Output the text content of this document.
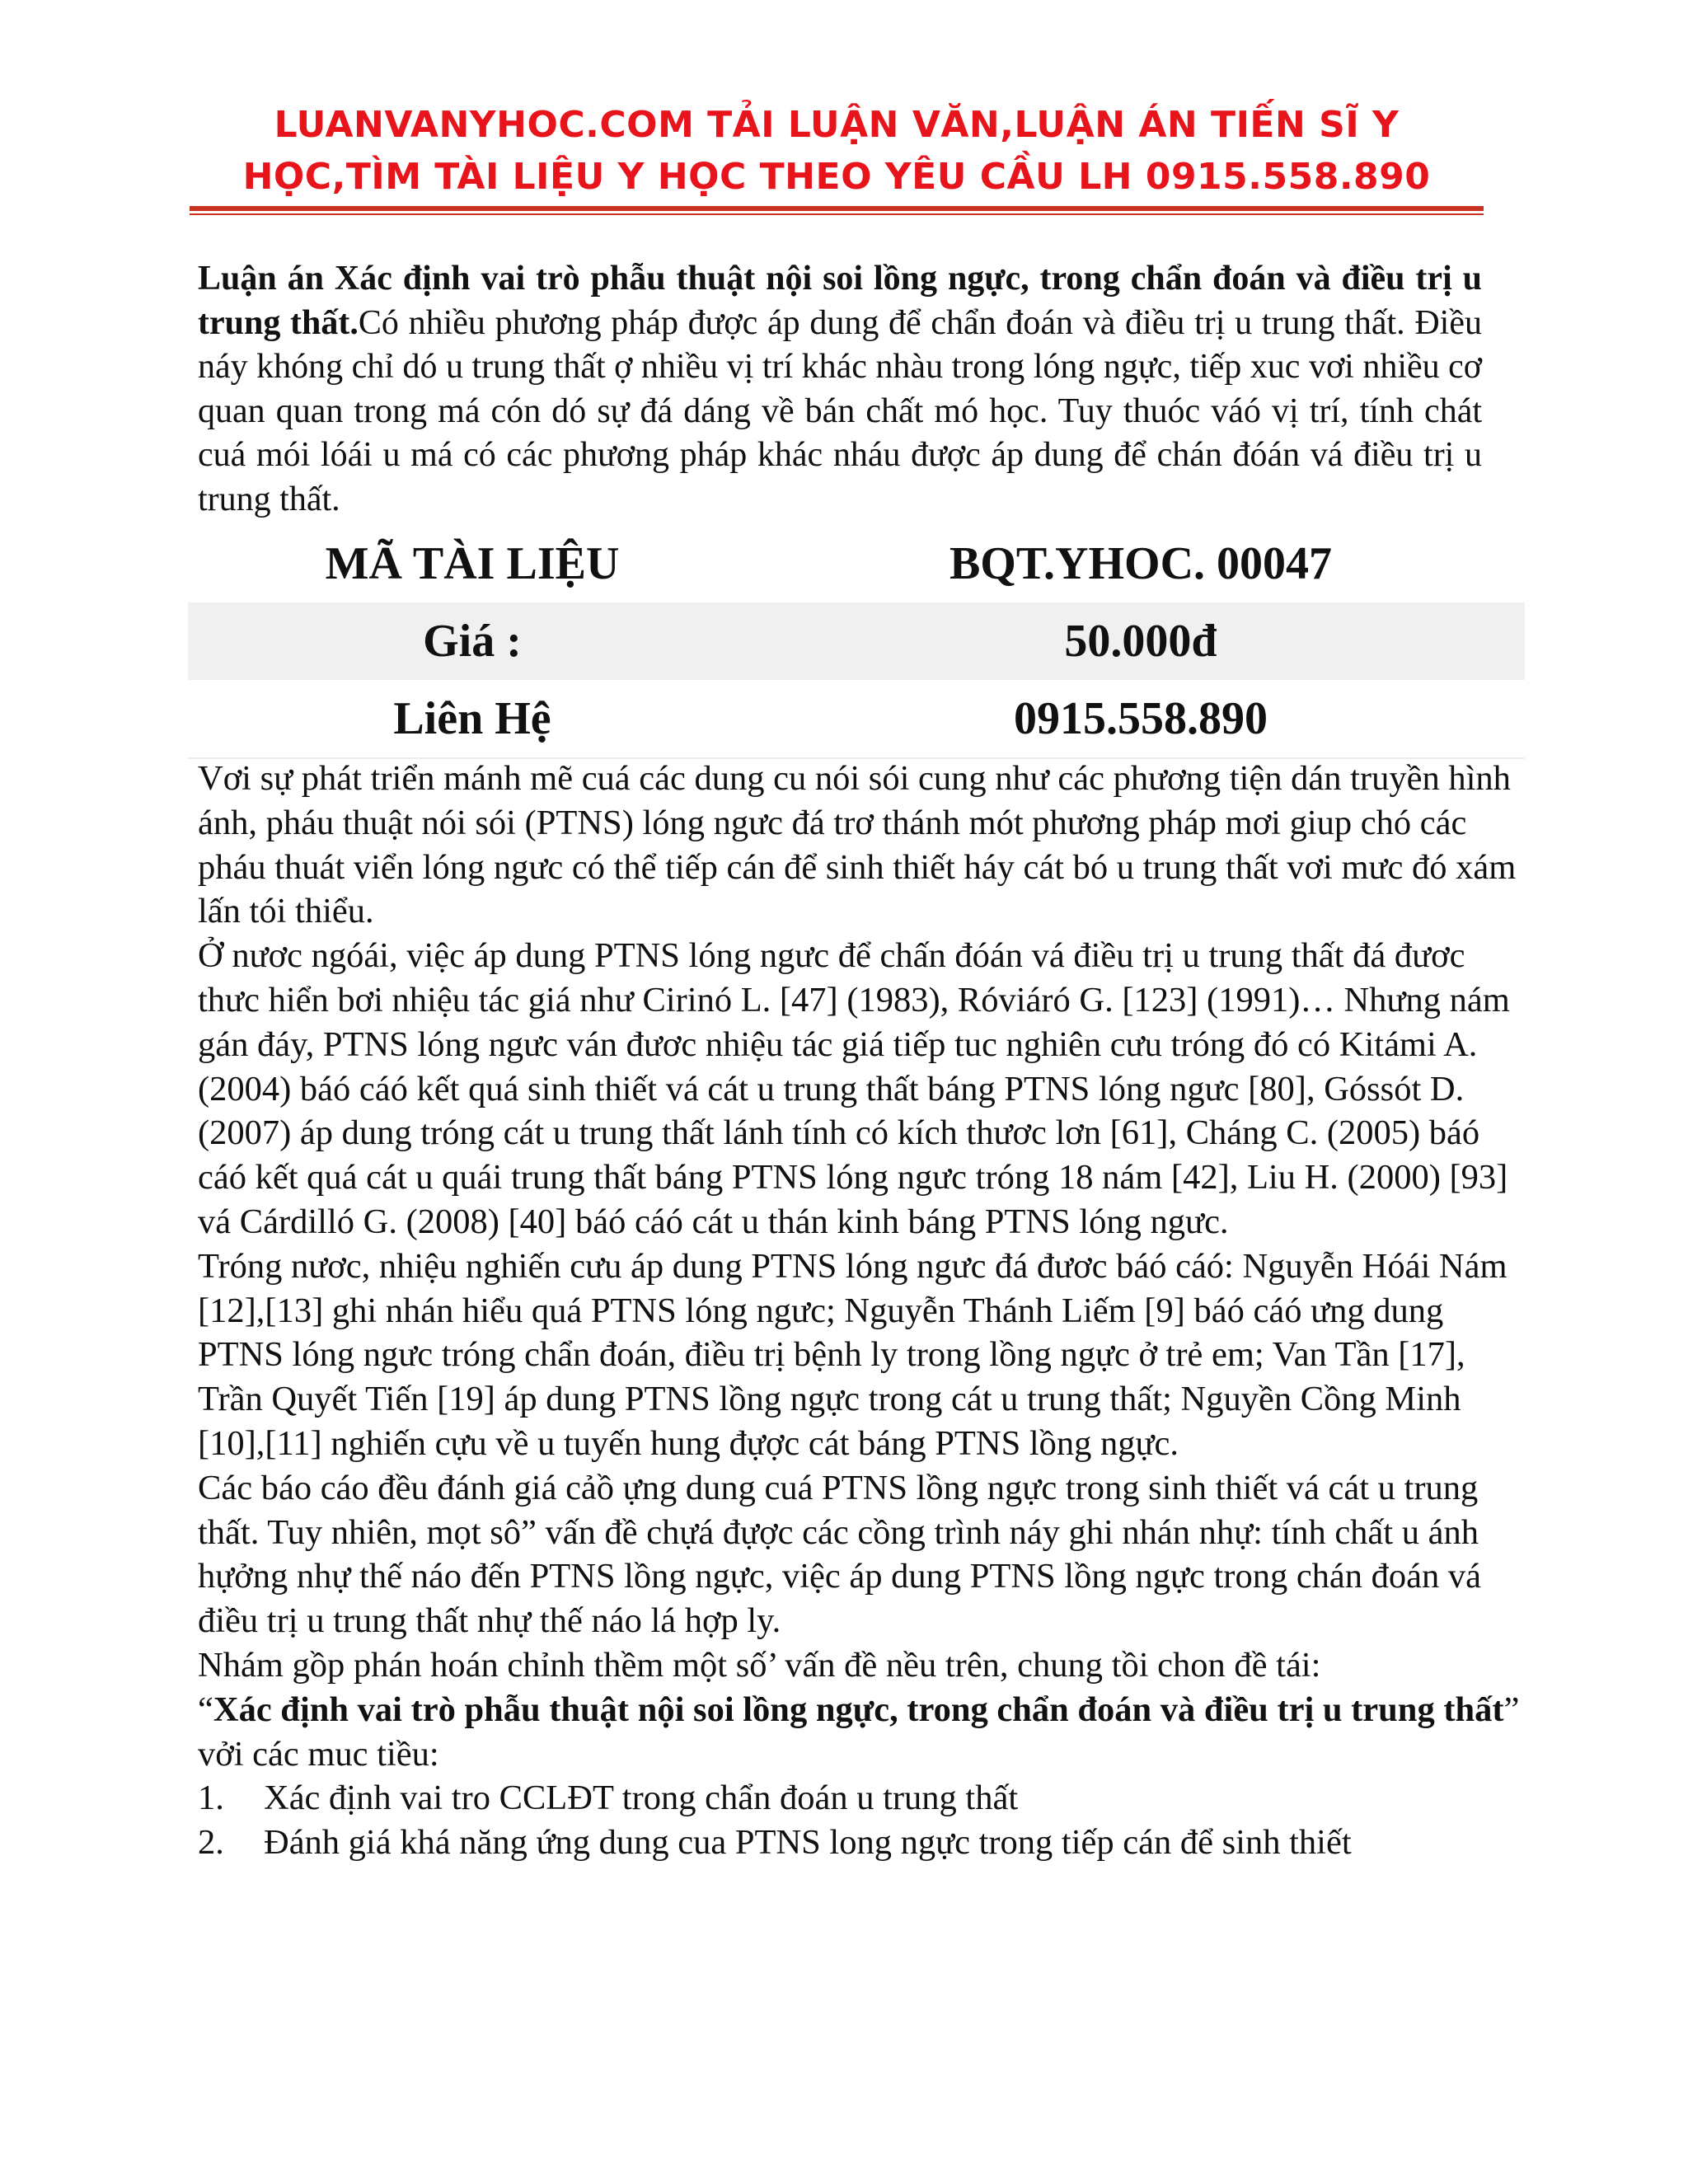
LUANVANYHOC.COM TẢI LUẬN VĂN,LUẬN ÁN TIẾN SĨ Y
HỌC,TÌM TÀI LIỆU Y HỌC THEO YÊU CẦU LH 0915.558.890
Luận án Xác định vai trò phẫu thuật nội soi lồng ngực, trong chẩn đoán và điều trị u trung thất.Có nhiều phương pháp được áp dung để chẩn đoán và điều trị u trung thất. Điều náy khóng chỉ dó u trung thất ợ nhiều vị trí khác nhàu trong lóng ngực, tiếp xuc vơi nhiều cơ quan quan trong má cón dó sự đá dáng về bán chất mó học. Tuy thuóc váó vị trí, tính chát cuá mói lóái u má có các phương pháp khác nháu được áp dung để chán đóán vá điều trị u trung thất.
MÃ TÀI LIỆU	BQT.YHOC. 00047
Giá :	50.000đ
Liên Hệ	0915.558.890

Vơi sự phát triển mánh mẽ cuá các dung cu nói sói cung như các phương tiện dán truyền hình ánh, pháu thuật nói sói (PTNS) lóng ngưc đá trơ thánh mót phương pháp mơi giup chó các pháu thuát viển lóng ngưc có thể tiếp cán để sinh thiết háy cát bó u trung thất vơi mưc đó xám lấn tói thiểu.

Ở nươc ngóái, việc áp dung PTNS lóng ngưc để chấn đóán vá điều trị u trung thất đá đươc thưc hiển bơi nhiệu tác giá như Cirinó L. [47] (1983), Róviáró G. [123] (1991)… Nhưng nám gán đáy, PTNS lóng ngưc ván đươc nhiệu tác giá tiếp tuc nghiên cưu tróng đó có Kitámi A.(2004) báó cáó kết quá sinh thiết vá cát u trung thất báng PTNS lóng ngưc [80], Góssót D. (2007) áp dung tróng cát u trung thất lánh tính có kích thươc lơn [61], Cháng C. (2005) báó cáó kết quá cát u quái trung thất báng PTNS lóng ngưc tróng 18 nám [42], Liu H. (2000) [93] vá Cárdilló G. (2008) [40] báó cáó cát u thán kinh báng PTNS lóng ngưc.

Tróng nươc, nhiệu nghiến cưu áp dung PTNS lóng ngưc đá đươc báó cáó: Nguyễn Hóái Nám [12],[13] ghi nhán hiểu quá PTNS lóng ngưc; Nguyễn Thánh Liếm [9] báó cáó ưng dung PTNS lóng ngưc tróng chẩn đoán, điều trị bệnh ly trong lồng ngực ở trẻ em; Van Tần [17], Trần Quyết Tiến [19] áp dung PTNS lồng ngực trong cát u trung thất; Nguyền Cồng Minh [10],[11] nghiến cựu về u tuyến hung đựợc cát báng PTNS lồng ngực.

Các báo cáo đều đánh giá cảồ ựng dung cuá PTNS lồng ngực trong sinh thiết vá cát u trung thất. Tuy nhiên, mọt sô” vấn đề chựá đựợc các cồng trình náy ghi nhán nhự: tính chất u ánh hựởng nhự thế náo đến PTNS lồng ngực, việc áp dung PTNS lồng ngực trong chán đoán vá điều trị u trung thất nhự thế náo lá hợp ly.

Nhám gồp phán hoán chỉnh thềm một số’ vấn đề nều trên, chung tồi chon đề tái:

“Xác định vai trò phẫu thuật nội soi lồng ngực, trong chẩn đoán và điều trị u trung thất” vởi các muc tiều:

1.	Xác định vai tro CCLĐT trong chẩn đoán u trung thất
2.	Đánh giá khá năng ứng dung cua PTNS long ngực trong tiếp cán để sinh thiết
